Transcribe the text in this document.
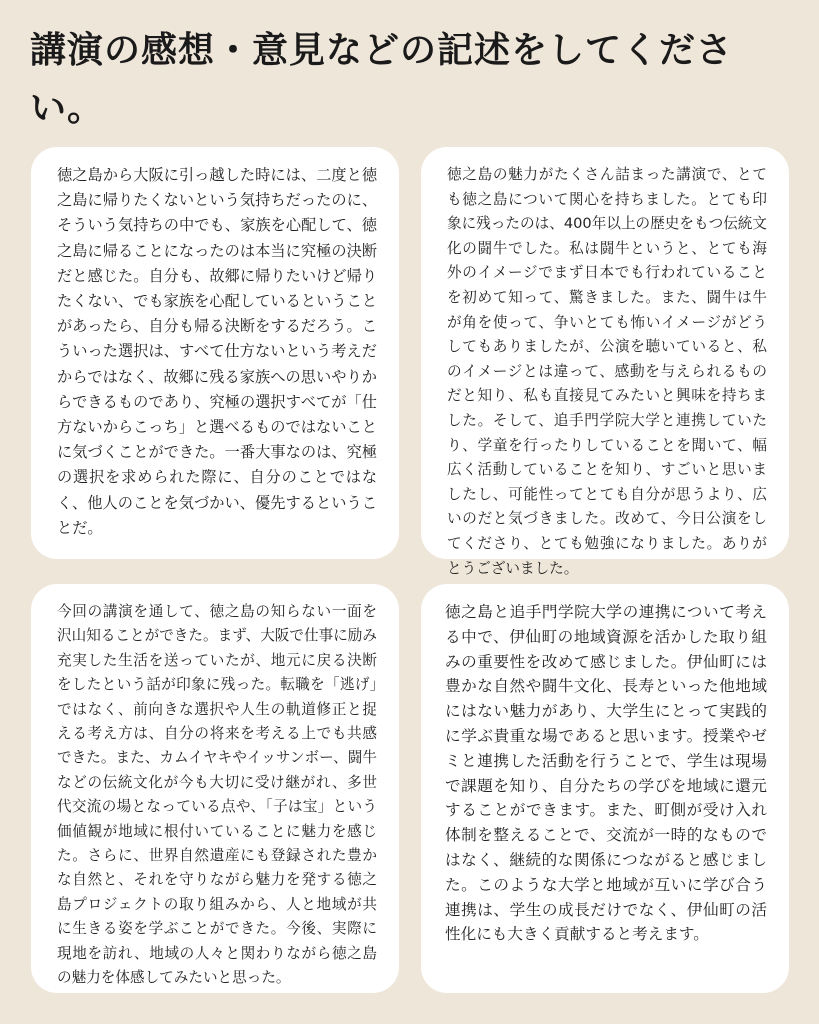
講演の感想・意見などの記述をしてください。

徳之島から大阪に引っ越した時には、二度と徳之島に帰りたくないという気持ちだったのに、そういう気持ちの中でも、家族を心配して、徳之島に帰ることになったのは本当に究極の決断だと感じた。自分も、故郷に帰りたいけど帰りたくない、でも家族を心配しているということがあったら、自分も帰る決断をするだろう。こういった選択は、すべて仕方ないという考えだからではなく、故郷に残る家族への思いやりからできるものであり、究極の選択すべてが「仕方ないからこっち」と選べるものではないことに気づくことができた。一番大事なのは、究極の選択を求められた際に、自分のことではなく、他人のことを気づかい、優先するということだ。

徳之島の魅力がたくさん詰まった講演で、とても徳之島について関心を持ちました。とても印象に残ったのは、400年以上の歴史をもつ伝統文化の闘牛でした。私は闘牛というと、とても海外のイメージでまず日本でも行われていることを初めて知って、驚きました。また、闘牛は牛が角を使って、争いとても怖いイメージがどうしてもありましたが、公演を聴いていると、私のイメージとは違って、感動を与えられるものだと知り、私も直接見てみたいと興味を持ちました。そして、追手門学院大学と連携していたり、学童を行ったりしていることを聞いて、幅広く活動していることを知り、すごいと思いましたし、可能性ってとても自分が思うより、広いのだと気づきました。改めて、今日公演をしてくださり、とても勉強になりました。ありがとうございました。

今回の講演を通して、徳之島の知らない一面を沢山知ることができた。まず、大阪で仕事に励み充実した生活を送っていたが、地元に戻る決断をしたという話が印象に残った。転職を「逃げ」ではなく、前向きな選択や人生の軌道修正と捉える考え方は、自分の将来を考える上でも共感できた。また、カムイヤキやイッサンボー、闘牛などの伝統文化が今も大切に受け継がれ、多世代交流の場となっている点や、「子は宝」という価値観が地域に根付いていることに魅力を感じた。さらに、世界自然遺産にも登録された豊かな自然と、それを守りながら魅力を発する徳之島プロジェクトの取り組みから、人と地域が共に生きる姿を学ぶことができた。今後、実際に現地を訪れ、地域の人々と関わりながら徳之島の魅力を体感してみたいと思った。

徳之島と追手門学院大学の連携について考える中で、伊仙町の地域資源を活かした取り組みの重要性を改めて感じました。伊仙町には豊かな自然や闘牛文化、長寿といった他地域にはない魅力があり、大学生にとって実践的に学ぶ貴重な場であると思います。授業やゼミと連携した活動を行うことで、学生は現場で課題を知り、自分たちの学びを地域に還元することができます。また、町側が受け入れ体制を整えることで、交流が一時的なものではなく、継続的な関係につながると感じました。このような大学と地域が互いに学び合う連携は、学生の成長だけでなく、伊仙町の活性化にも大きく貢献すると考えます。
